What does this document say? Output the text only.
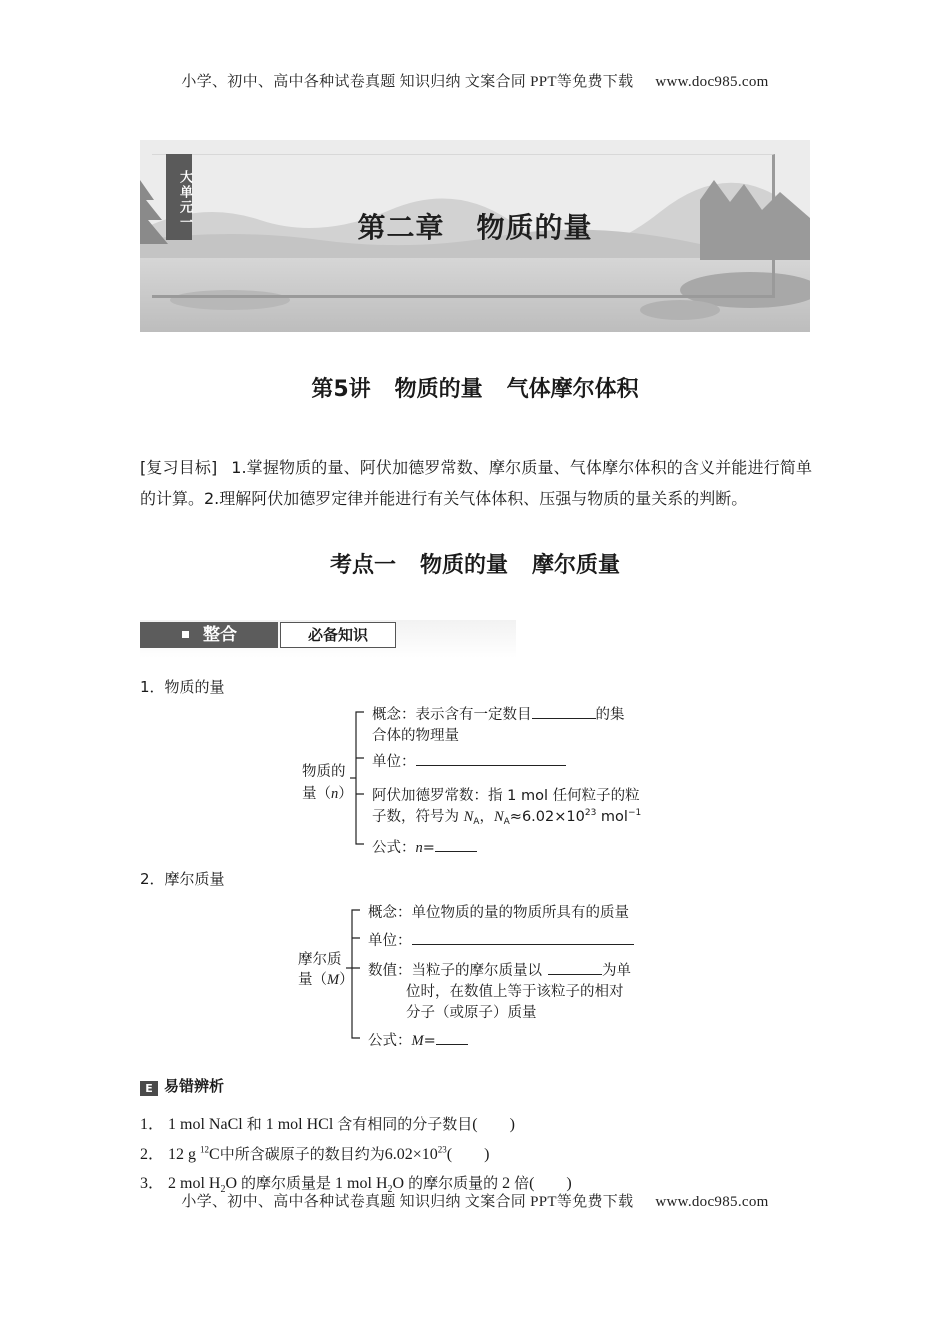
小学、初中、高中各种试卷真题 知识归纳 文案合同 PPT等免费下载 www.doc985.com
大单元一	第二章 物质的量
第5讲 物质的量 气体摩尔体积
[复习目标] 1.掌握物质的量、阿伏加德罗常数、摩尔质量、气体摩尔体积的含义并能进行简单的计算。2.理解阿伏加德罗定律并能进行有关气体体积、压强与物质的量关系的判断。
考点一 物质的量 摩尔质量
整合	必备知识
1．物质的量
物质的
量（n）
概念：表示含有一定数目	的集
合体的物理量
单位：
阿伏加德罗常数：指 1 mol 任何粒子的粒
子数，符号为 $N_A$，$N_A\approx 6.02\times 10^{23}$ mol$^{-1}$
公式：n=
2．摩尔质量
摩尔质
量（M）
概念：单位物质的量的物质所具有的质量
单位：
数值：当粒子的摩尔质量以	为单
位时，在数值上等于该粒子的相对
分子（或原子）质量
公式：M=
E 易错辨析
1． 1 mol NaCl 和 1 mol HCl 含有相同的分子数目(　　)
2． 12 g $^{12}$C中所含碳原子的数目约为$6.02\times 10^{23}$(　　)
3． 2 mol $H_2O$ 的摩尔质量是 1 mol $H_2O$ 的摩尔质量的 2 倍(　　)
小学、初中、高中各种试卷真题 知识归纳 文案合同 PPT等免费下载 www.doc985.com
